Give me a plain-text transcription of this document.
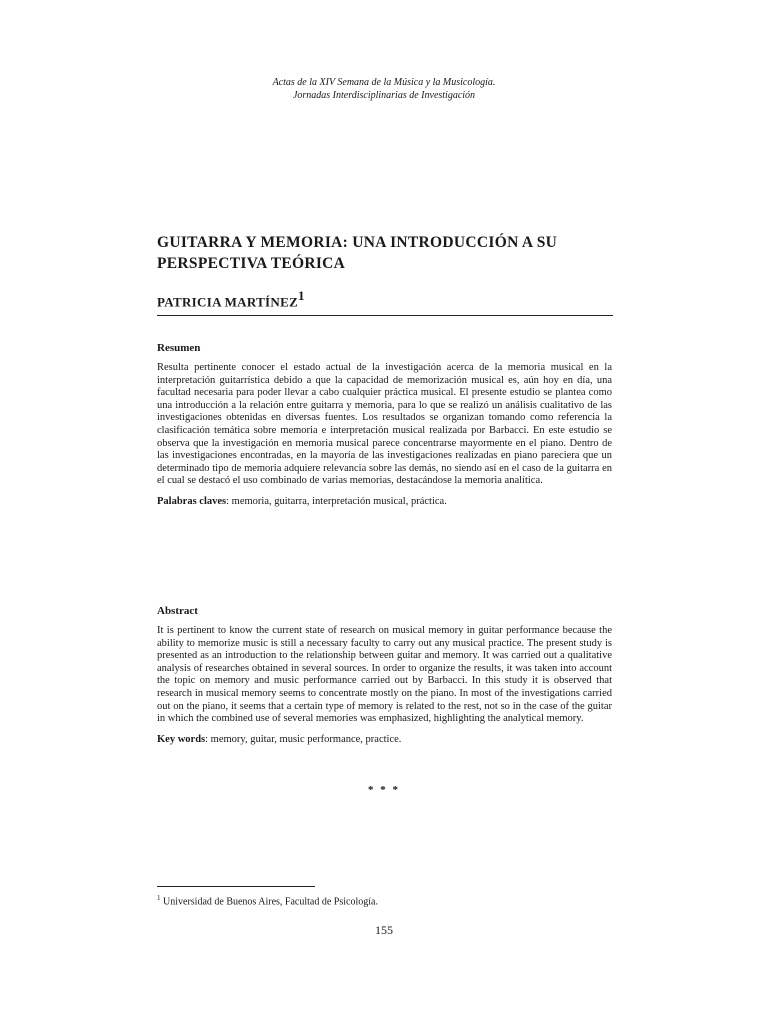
Actas de la XIV Semana de la Música y la Musicología.
Jornadas Interdisciplinarias de Investigación
GUITARRA Y MEMORIA: UNA INTRODUCCIÓN A SU PERSPECTIVA TEÓRICA
PATRICIA MARTÍNEZ$^1$
Resumen

Resulta pertinente conocer el estado actual de la investigación acerca de la memoria musical en la interpretación guitarrística debido a que la capacidad de memorización musical es, aún hoy en día, una facultad necesaria para poder llevar a cabo cualquier práctica musical. El presente estudio se plantea como una introducción a la relación entre guitarra y memoria, para lo que se realizó un análisis cualitativo de las investigaciones obtenidas en diversas fuentes. Los resultados se organizan tomando como referencia la clasificación temática sobre memoria e interpretación musical realizada por Barbacci. En este estudio se observa que la investigación en memoria musical parece concentrarse mayormente en el piano. Dentro de las investigaciones encontradas, en la mayoría de las investigaciones realizadas en piano pareciera que un determinado tipo de memoria adquiere relevancia sobre las demás, no siendo así en el caso de la guitarra en el cual se destacó el uso combinado de varias memorias, destacándose la memoria analítica.

Palabras claves: memoria, guitarra, interpretación musical, práctica.

Abstract

It is pertinent to know the current state of research on musical memory in guitar performance because the ability to memorize music is still a necessary faculty to carry out any musical practice. The present study is presented as an introduction to the relationship between guitar and memory. It was carried out a qualitative analysis of researches obtained in several sources. In order to organize the results, it was taken into account the topic on memory and music performance carried out by Barbacci. In this study it is observed that research in musical memory seems to concentrate mostly on the piano. In most of the investigations carried out on the piano, it seems that a certain type of memory is related to the rest, not so in the case of the guitar in which the combined use of several memories was emphasized, highlighting the analytical memory.

Key words: memory, guitar, music performance, practice.

* * *
$^1$ Universidad de Buenos Aires, Facultad de Psicología.
155
